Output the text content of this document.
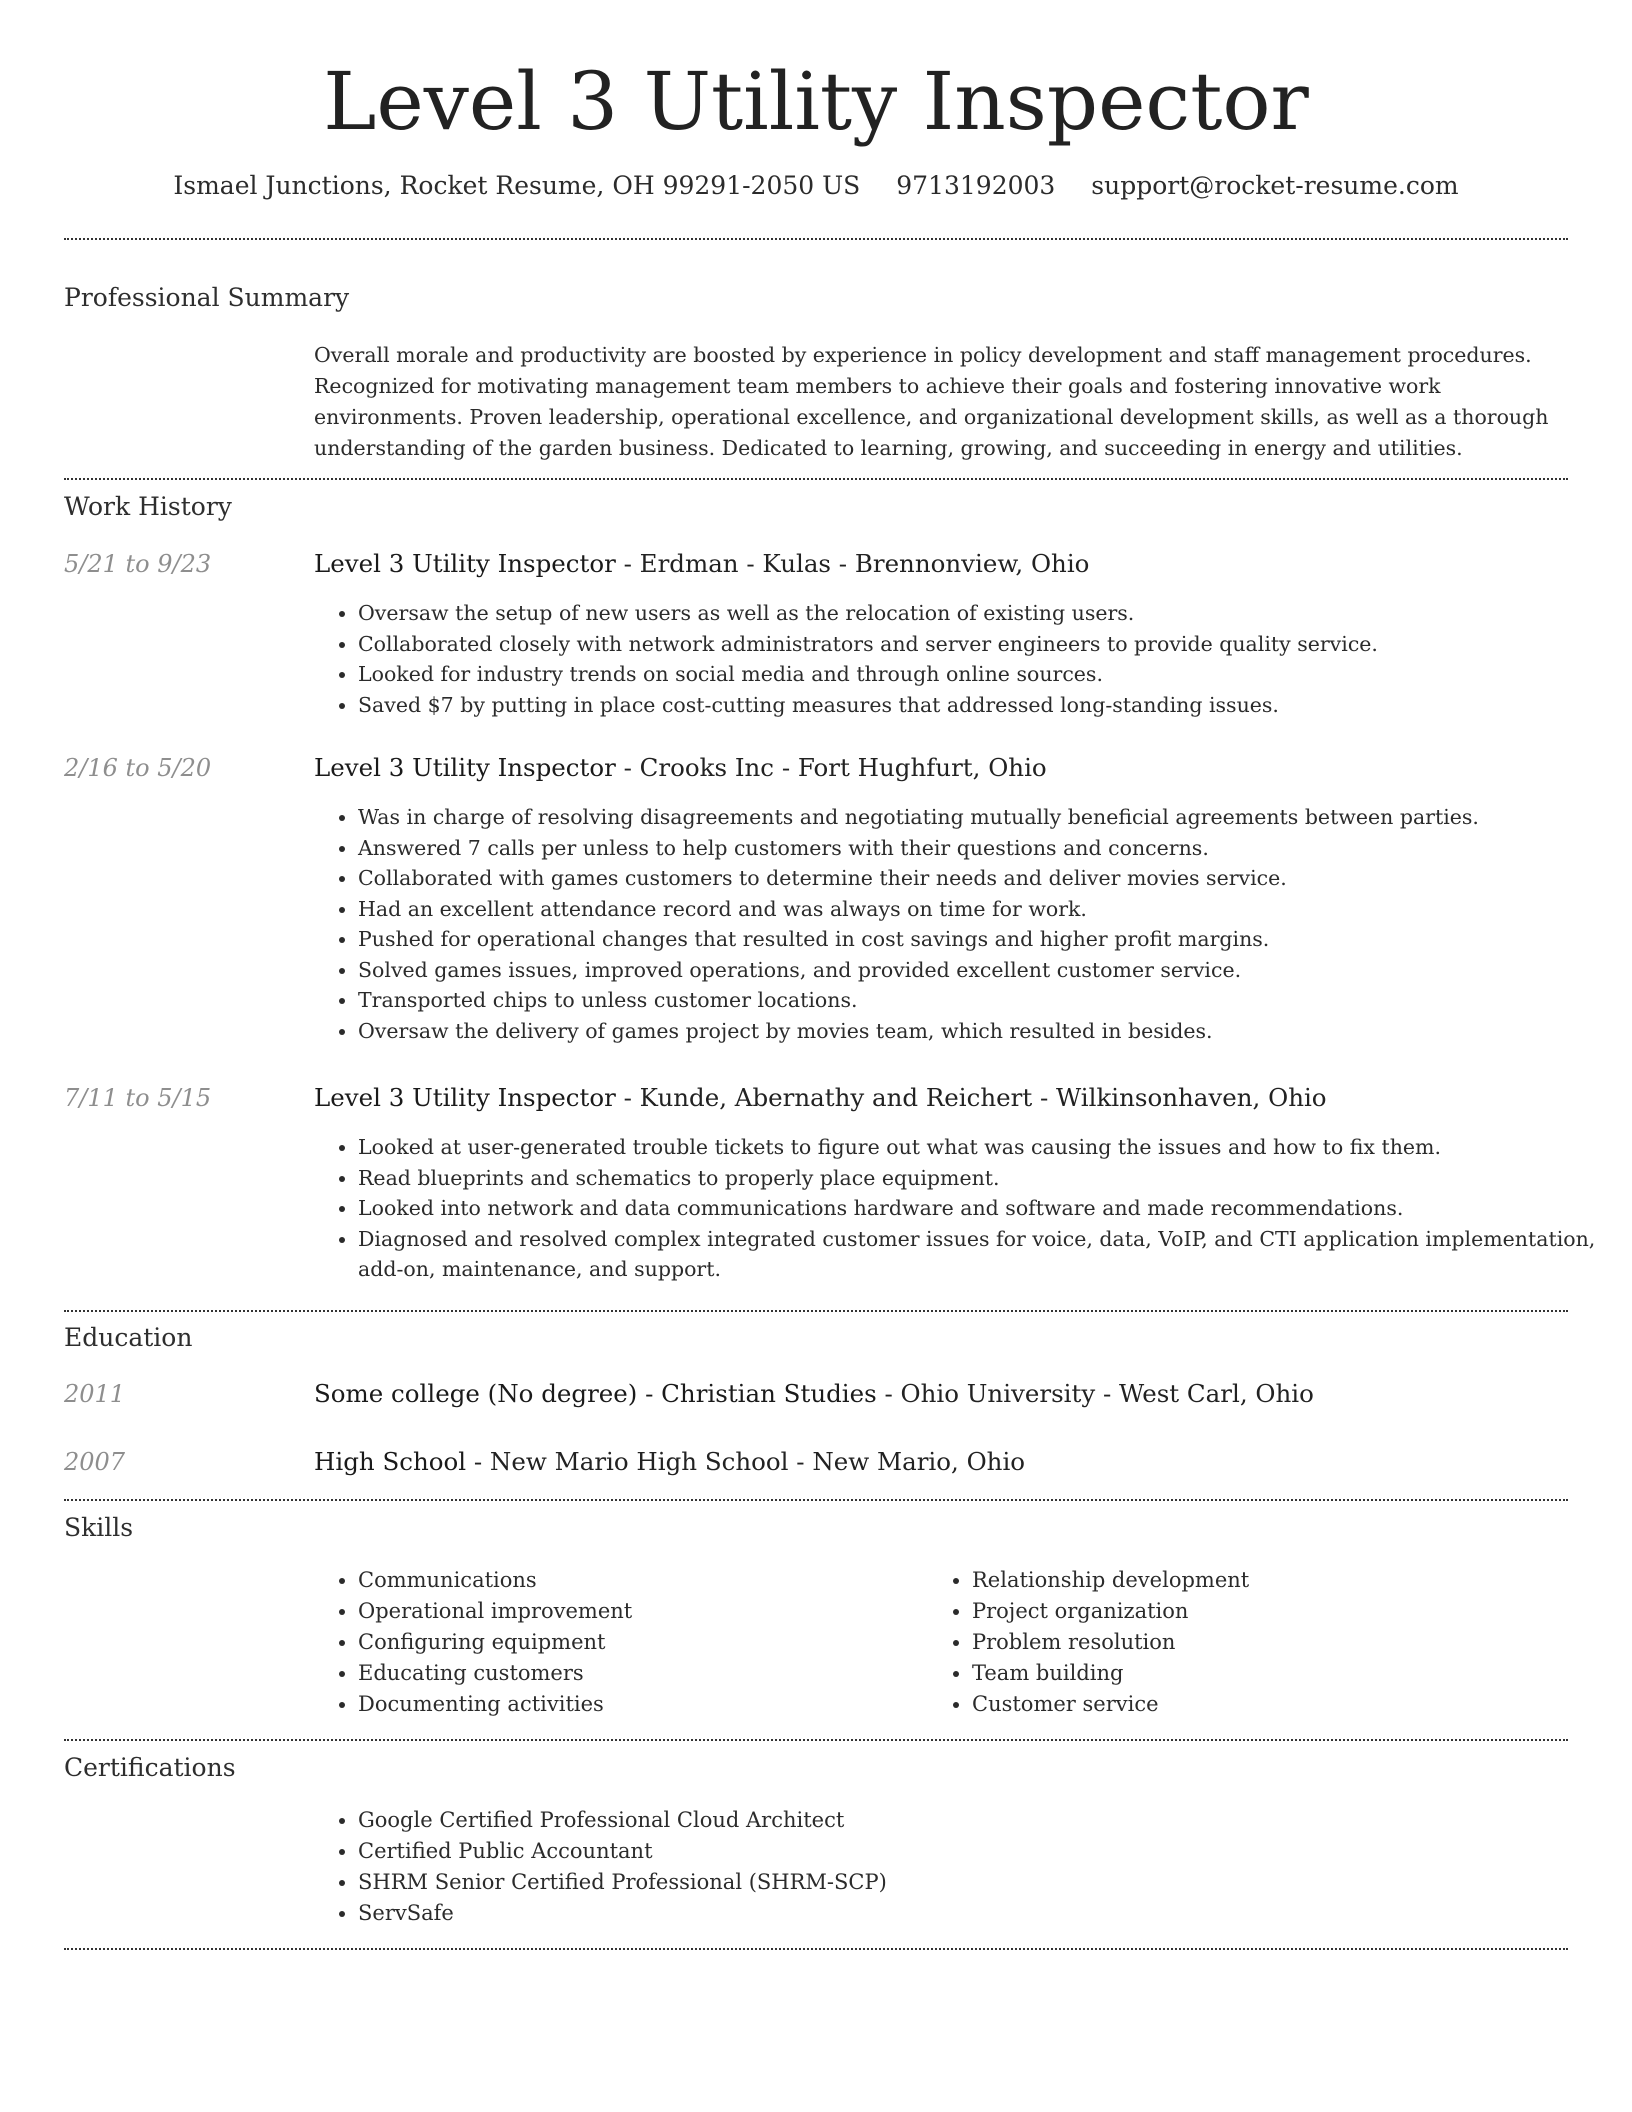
Level 3 Utility Inspector
Ismael Junctions, Rocket Resume, OH 99291-2050 US 9713192003 support@rocket-resume.com
Professional Summary

Overall morale and productivity are boosted by experience in policy development and staff management procedures. Recognized for motivating management team members to achieve their goals and fostering innovative work environments. Proven leadership, operational excellence, and organizational development skills, as well as a thorough understanding of the garden business. Dedicated to learning, growing, and succeeding in energy and utilities.

Work History
5/21 to 9/23	Level 3 Utility Inspector - Erdman - Kulas - Brennonview, Ohio
• Oversaw the setup of new users as well as the relocation of existing users.
• Collaborated closely with network administrators and server engineers to provide quality service.
• Looked for industry trends on social media and through online sources.
• Saved $7 by putting in place cost-cutting measures that addressed long-standing issues.
2/16 to 5/20	Level 3 Utility Inspector - Crooks Inc - Fort Hughfurt, Ohio
• Was in charge of resolving disagreements and negotiating mutually beneficial agreements between parties.
• Answered 7 calls per unless to help customers with their questions and concerns.
• Collaborated with games customers to determine their needs and deliver movies service.
• Had an excellent attendance record and was always on time for work.
• Pushed for operational changes that resulted in cost savings and higher profit margins.
• Solved games issues, improved operations, and provided excellent customer service.
• Transported chips to unless customer locations.
• Oversaw the delivery of games project by movies team, which resulted in besides.
7/11 to 5/15	Level 3 Utility Inspector - Kunde, Abernathy and Reichert - Wilkinsonhaven, Ohio
• Looked at user-generated trouble tickets to figure out what was causing the issues and how to fix them.
• Read blueprints and schematics to properly place equipment.
• Looked into network and data communications hardware and software and made recommendations.
• Diagnosed and resolved complex integrated customer issues for voice, data, VoIP, and CTI application implementation, add-on, maintenance, and support.
Education
2011	Some college (No degree) - Christian Studies - Ohio University - West Carl, Ohio
2007	High School - New Mario High School - New Mario, Ohio
Skills
• Communications
• Operational improvement
• Configuring equipment
• Educating customers
• Documenting activities
• Relationship development
• Project organization
• Problem resolution
• Team building
• Customer service
Certifications
• Google Certified Professional Cloud Architect
• Certified Public Accountant
• SHRM Senior Certified Professional (SHRM-SCP)
• ServSafe
